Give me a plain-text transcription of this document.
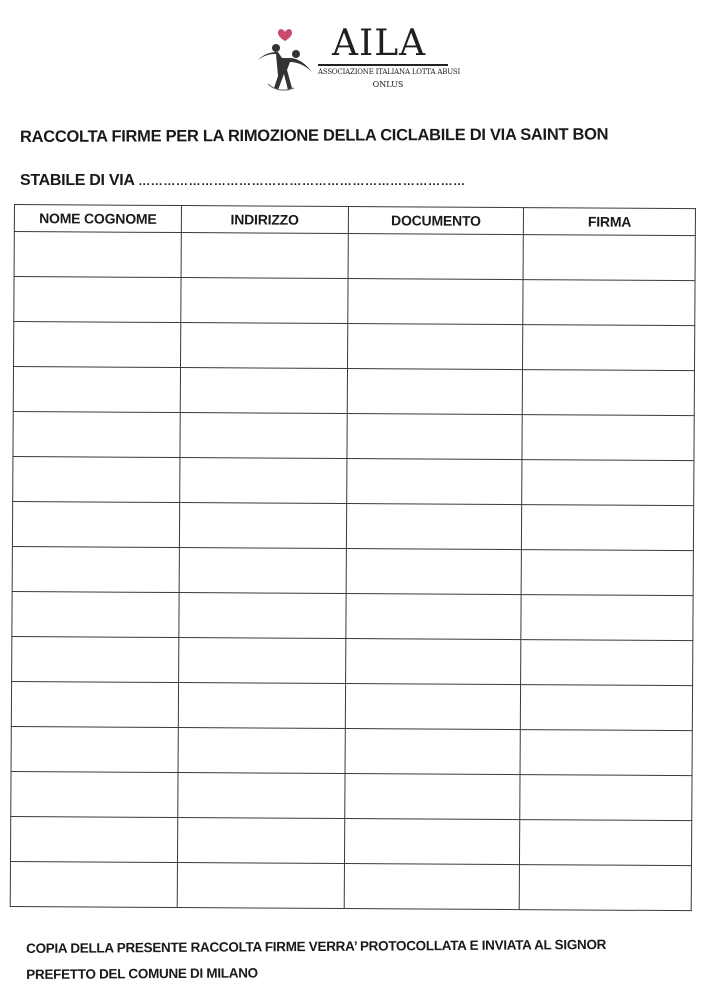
AILA
ASSOCIAZIONE ITALIANA LOTTA ABUSI
ONLUS
RACCOLTA FIRME PER LA RIMOZIONE DELLA CICLABILE DI VIA SAINT BON
STABILE DI VIA ……………………………………………………………………
NOME COGNOME	INDIRIZZO	DOCUMENTO	FIRMA

COPIA DELLA PRESENTE RACCOLTA FIRME VERRA’ PROTOCOLLATA E INVIATA AL SIGNOR
PREFETTO DEL COMUNE DI MILANO
